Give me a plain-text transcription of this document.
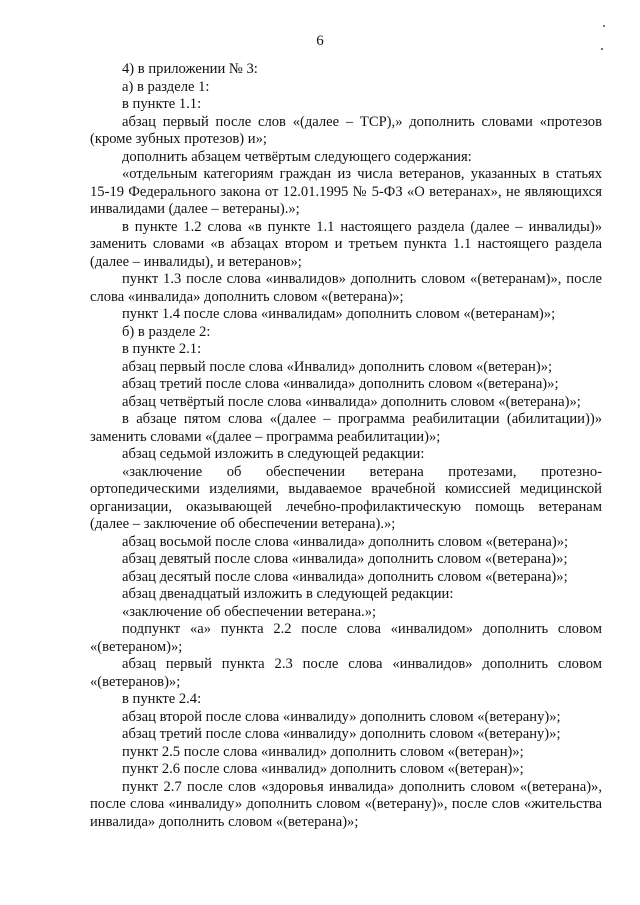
6

4) в приложении № 3:

а) в разделе 1:

в пункте 1.1:

абзац первый после слов «(далее – ТСР),» дополнить словами «протезов (кроме зубных протезов) и»;

дополнить абзацем четвёртым следующего содержания:

«отдельным категориям граждан из числа ветеранов, указанных в статьях 15-19 Федерального закона от 12.01.1995 № 5-ФЗ «О ветеранах», не являющихся инвалидами (далее – ветераны).»;

в пункте 1.2 слова «в пункте 1.1 настоящего раздела (далее – инвалиды)» заменить словами «в абзацах втором и третьем пункта 1.1 настоящего раздела (далее – инвалиды), и ветеранов»;

пункт 1.3 после слова «инвалидов» дополнить словом «(ветеранам)», после слова «инвалида» дополнить словом «(ветерана)»;

пункт 1.4 после слова «инвалидам» дополнить словом «(ветеранам)»;

б) в разделе 2:

в пункте 2.1:

абзац первый после слова «Инвалид» дополнить словом «(ветеран)»;

абзац третий после слова «инвалида» дополнить словом «(ветерана)»;

абзац четвёртый после слова «инвалида» дополнить словом «(ветерана)»;

в абзаце пятом слова «(далее – программа реабилитации (абилитации))» заменить словами «(далее – программа реабилитации)»;

абзац седьмой изложить в следующей редакции:

«заключение об обеспечении ветерана протезами, протезно-ортопедическими изделиями, выдаваемое врачебной комиссией медицинской организации, оказывающей лечебно-профилактическую помощь ветеранам (далее – заключение об обеспечении ветерана).»;

абзац восьмой после слова «инвалида» дополнить словом «(ветерана)»;

абзац девятый после слова «инвалида» дополнить словом «(ветерана)»;

абзац десятый после слова «инвалида» дополнить словом «(ветерана)»;

абзац двенадцатый изложить в следующей редакции:

«заключение об обеспечении ветерана.»;

подпункт «а» пункта 2.2 после слова «инвалидом» дополнить словом «(ветераном)»;

абзац первый пункта 2.3 после слова «инвалидов» дополнить словом «(ветеранов)»;

в пункте 2.4:

абзац второй после слова «инвалиду» дополнить словом «(ветерану)»;

абзац третий после слова «инвалиду» дополнить словом «(ветерану)»;

пункт 2.5 после слова «инвалид» дополнить словом «(ветеран)»;

пункт 2.6 после слова «инвалид» дополнить словом «(ветеран)»;

пункт 2.7 после слов «здоровья инвалида» дополнить словом «(ветерана)», после слова «инвалиду» дополнить словом «(ветерану)», после слов «жительства инвалида» дополнить словом «(ветерана)»;
